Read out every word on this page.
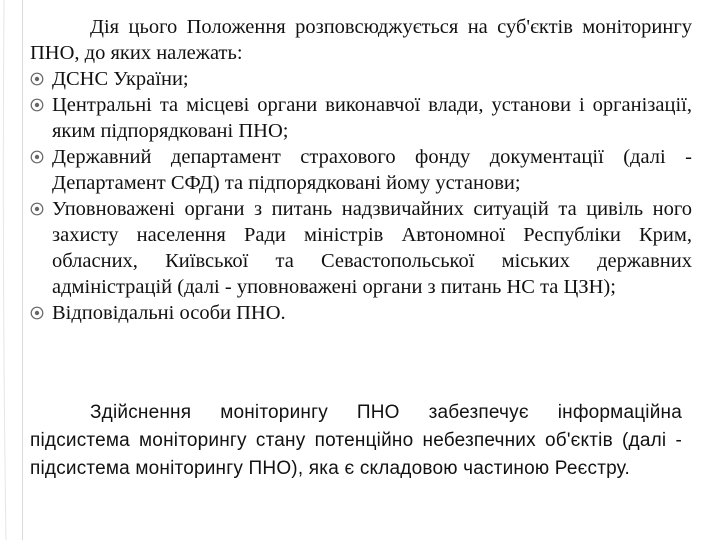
Дія цього Положення розповсюджується на суб'єктів моніторингу ПНО, до яких належать:

ДСНС України;
Центральні та місцеві органи виконавчої влади, установи і організації, яким підпорядковані ПНО;
Державний департамент страхового фонду документації (далі - Департамент СФД) та підпорядковані йому установи;
Уповноважені органи з питань надзвичайних ситуацій та цивіль ного захисту населення Ради міністрів Автономної Республіки Крим, обласних, Київської та Севастопольської міських державних адміністрацій (далі - уповноважені органи з питань НС та ЦЗН);
Відповідальні особи ПНО.

Здійснення моніторингу ПНО забезпечує інформаційна підсистема моніторингу стану потенційно небезпечних об'єктів (далі - підсистема моніторингу ПНО), яка є складовою частиною Реєстру.
